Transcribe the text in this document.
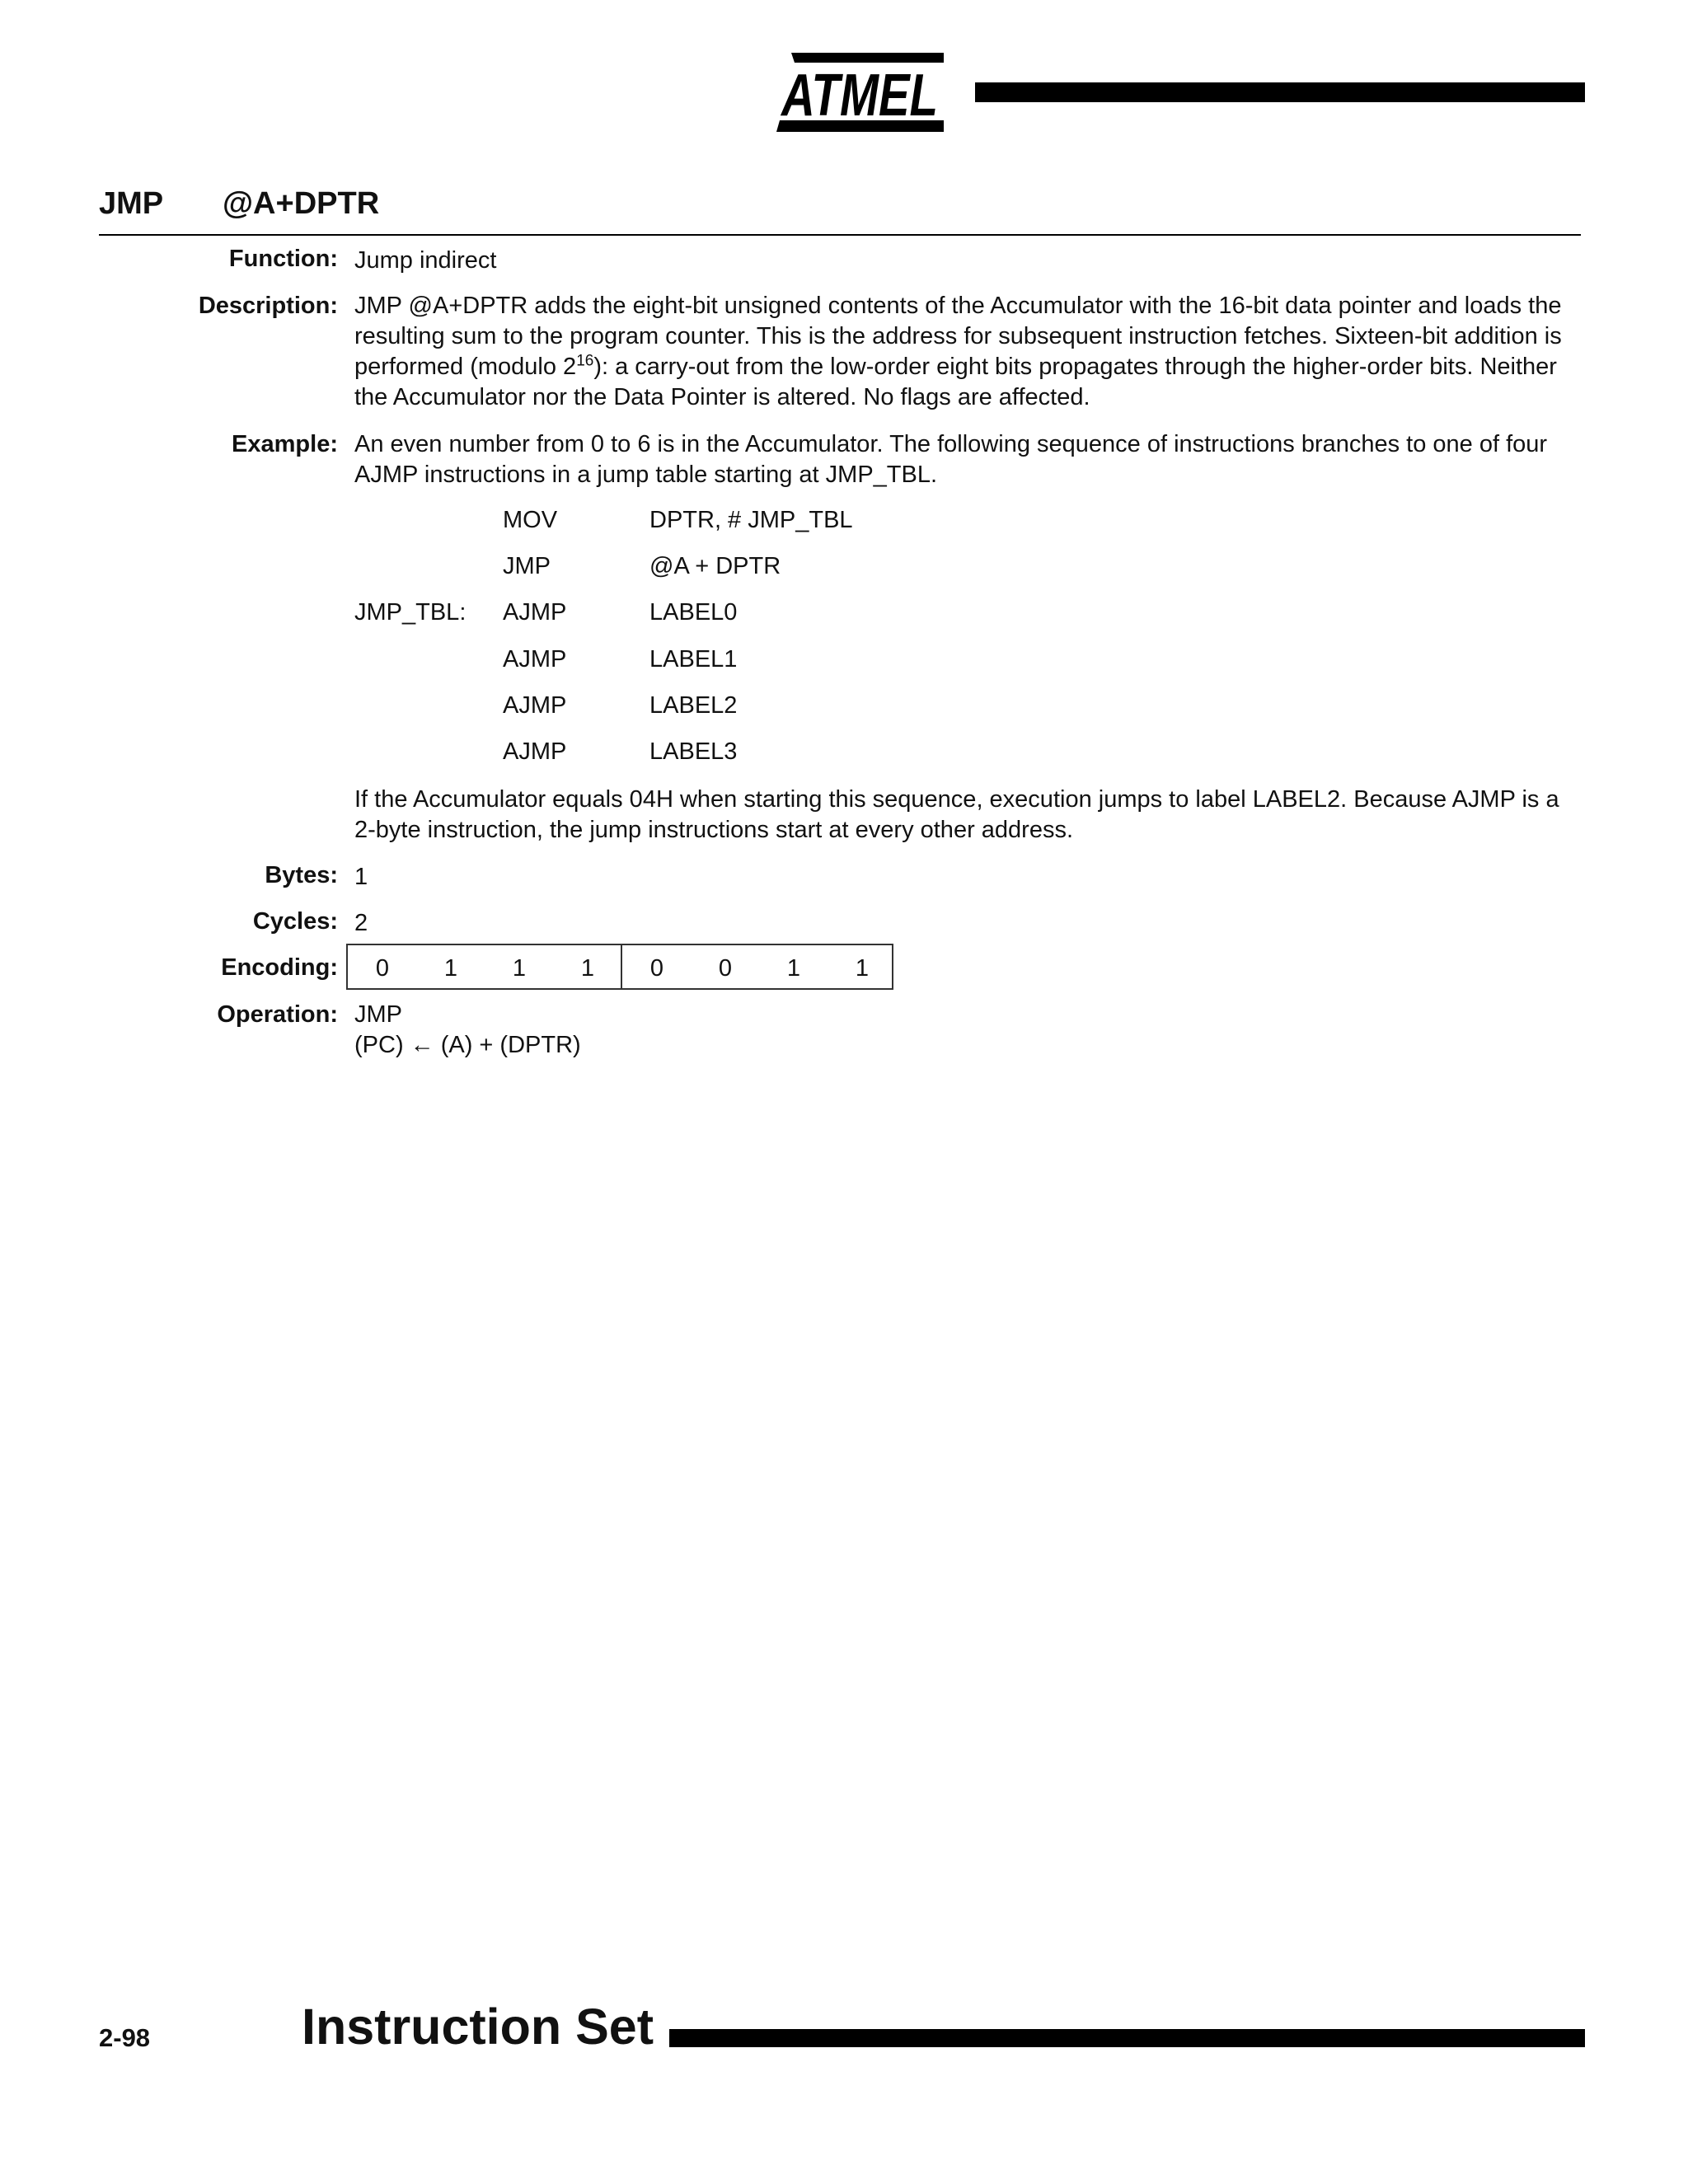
ATMEL
JMP @A+DPTR
Function: Jump indirect
Description: JMP @A+DPTR adds the eight-bit unsigned contents of the Accumulator with the 16-bit data pointer and loads the resulting sum to the program counter. This is the address for subsequent instruction fetches. Sixteen-bit addition is performed (modulo $2^{16}$): a carry-out from the low-order eight bits propagates through the higher-order bits. Neither the Accumulator nor the Data Pointer is altered. No flags are affected.
Example: An even number from 0 to 6 is in the Accumulator. The following sequence of instructions branches to one of four AJMP instructions in a jump table starting at JMP_TBL.
MOV	DPTR, # JMP_TBL
JMP	@A + DPTR
JMP_TBL: AJMP	LABEL0
AJMP	LABEL1
AJMP	LABEL2
AJMP	LABEL3
If the Accumulator equals 04H when starting this sequence, execution jumps to label LABEL2. Because AJMP is a 2-byte instruction, the jump instructions start at every other address.
Bytes: 1
Cycles: 2
Encoding:	0	1	1	1	0	0	1	1
Operation: JMP
(PC) ← (A) + (DPTR)
2-98	Instruction Set
